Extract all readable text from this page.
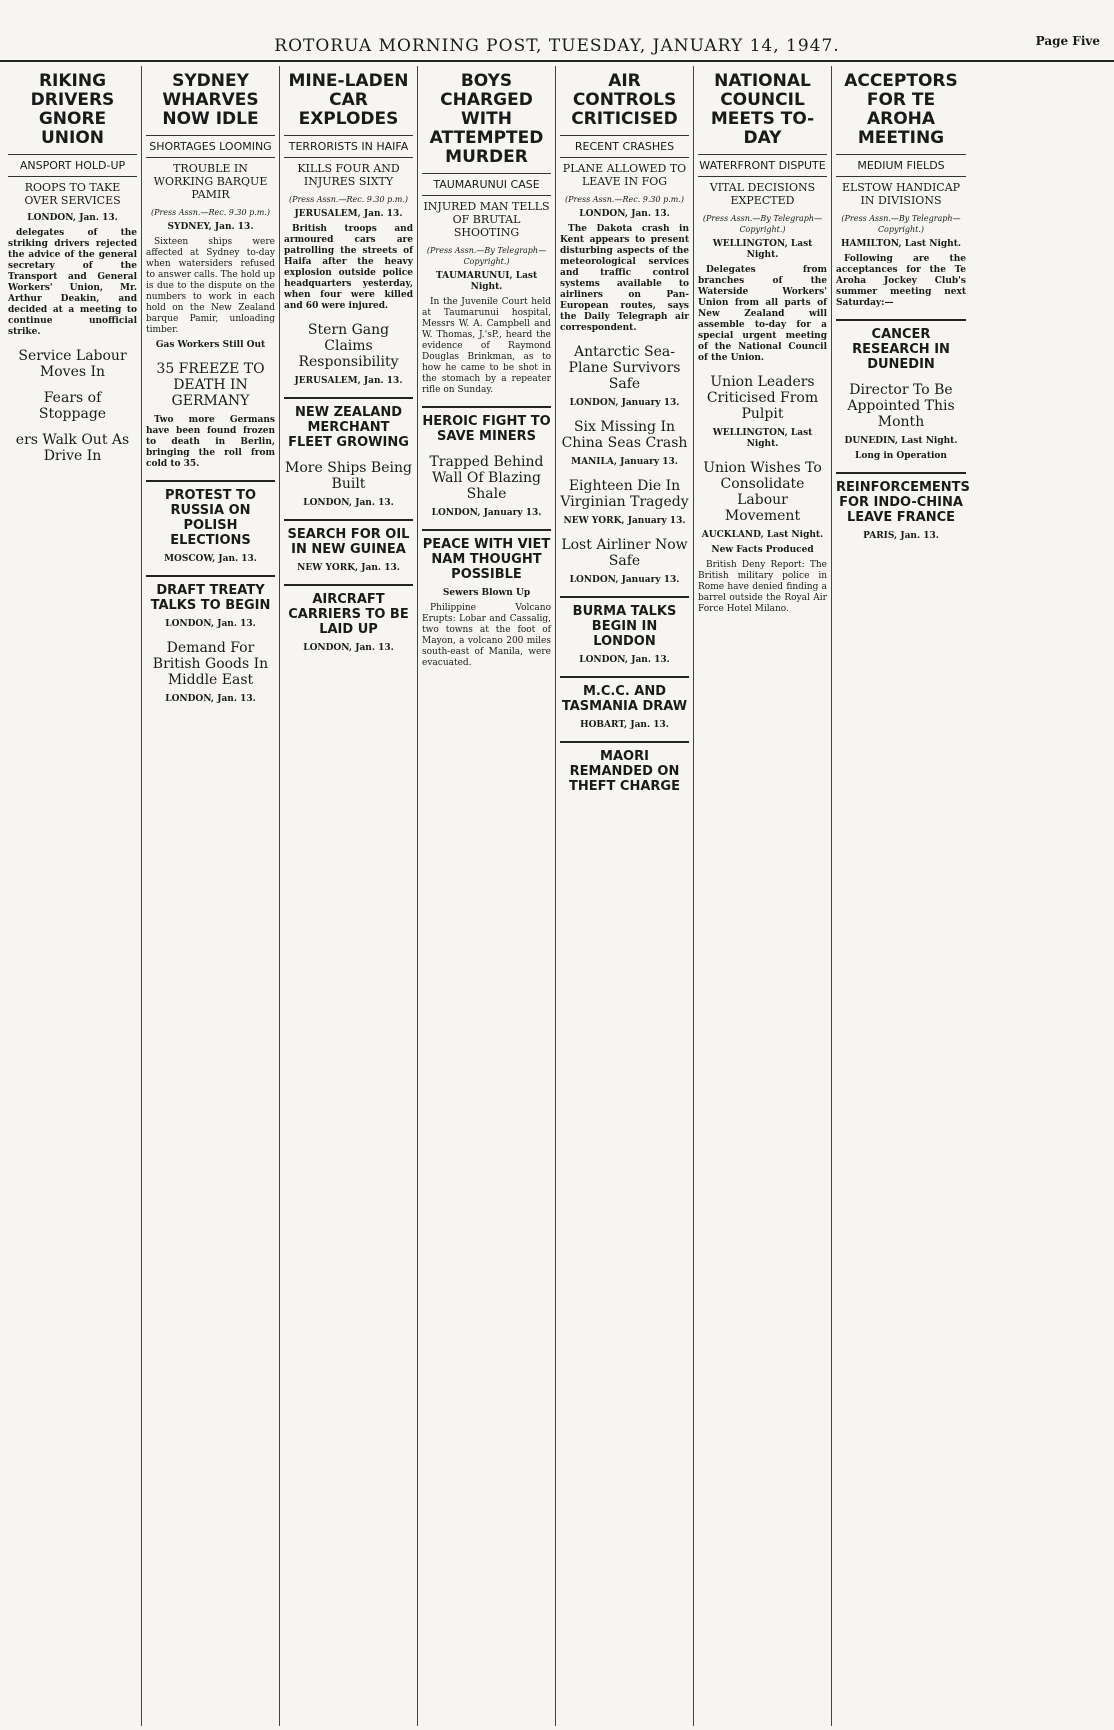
ROTORUA MORNING POST, TUESDAY, JANUARY 14, 1947.	Page Five
RIKING DRIVERS GNORE UNION
ANSPORT HOLD-UP
ROOPS TO TAKE OVER SERVICES
LONDON, Jan. 13.

delegates of the striking drivers rejected the advice of the general secretary of the Transport and General Workers' Union, Mr. Arthur Deakin, and decided at a meeting to continue unofficial strike.

Service Labour Moves In
Fears of Stoppage
ers Walk Out As Drive In
SYDNEY WHARVES NOW IDLE
SHORTAGES LOOMING
TROUBLE IN WORKING BARQUE PAMIR
(Press Assn.—Rec. 9.30 p.m.)
SYDNEY, Jan. 13.

Sixteen ships were affected at Sydney to-day when watersiders refused to answer calls. The hold up is due to the dispute on the numbers to work in each hold on the New Zealand barque Pamir, unloading timber.

Gas Workers Still Out
35 FREEZE TO DEATH IN GERMANY

Two more Germans have been found frozen to death in Berlin, bringing the roll from cold to 35.

PROTEST TO RUSSIA ON POLISH ELECTIONS
MOSCOW, Jan. 13.
DRAFT TREATY TALKS TO BEGIN
LONDON, Jan. 13.
Demand For British Goods In Middle East
LONDON, Jan. 13.
MINE-LADEN CAR EXPLODES
TERRORISTS IN HAIFA
KILLS FOUR AND INJURES SIXTY
(Press Assn.—Rec. 9.30 p.m.)
JERUSALEM, Jan. 13.

British troops and armoured cars are patrolling the streets of Haifa after the heavy explosion outside police headquarters yesterday, when four were killed and 60 were injured.

Stern Gang Claims Responsibility
JERUSALEM, Jan. 13.
NEW ZEALAND MERCHANT FLEET GROWING
More Ships Being Built
LONDON, Jan. 13.
SEARCH FOR OIL IN NEW GUINEA
NEW YORK, Jan. 13.
AIRCRAFT CARRIERS TO BE LAID UP
LONDON, Jan. 13.
BOYS CHARGED WITH ATTEMPTED MURDER
TAUMARUNUI CASE
INJURED MAN TELLS OF BRUTAL SHOOTING
(Press Assn.—By Telegraph—Copyright.)
TAUMARUNUI, Last Night.

In the Juvenile Court held at Taumarunui hospital, Messrs W. A. Campbell and W. Thomas, J.'sP., heard the evidence of Raymond Douglas Brinkman, as to how he came to be shot in the stomach by a repeater rifle on Sunday.

HEROIC FIGHT TO SAVE MINERS
Trapped Behind Wall Of Blazing Shale
LONDON, January 13.
PEACE WITH VIET NAM THOUGHT POSSIBLE
Sewers Blown Up

Philippine Volcano Erupts: Lobar and Cassalig, two towns at the foot of Mayon, a volcano 200 miles south-east of Manila, were evacuated.

AIR CONTROLS CRITICISED
RECENT CRASHES
PLANE ALLOWED TO LEAVE IN FOG
(Press Assn.—Rec. 9.30 p.m.)
LONDON, Jan. 13.

The Dakota crash in Kent appears to present disturbing aspects of the meteorological services and traffic control systems available to airliners on Pan-European routes, says the Daily Telegraph air correspondent.

Antarctic Sea-Plane Survivors Safe
LONDON, January 13.
Six Missing In China Seas Crash
MANILA, January 13.
Eighteen Die In Virginian Tragedy
NEW YORK, January 13.
Lost Airliner Now Safe
LONDON, January 13.
BURMA TALKS BEGIN IN LONDON
LONDON, Jan. 13.
M.C.C. AND TASMANIA DRAW
HOBART, Jan. 13.
MAORI REMANDED ON THEFT CHARGE
NATIONAL COUNCIL MEETS TO-DAY
WATERFRONT DISPUTE
VITAL DECISIONS EXPECTED
(Press Assn.—By Telegraph—Copyright.)
WELLINGTON, Last Night.

Delegates from branches of the Waterside Workers' Union from all parts of New Zealand will assemble to-day for a special urgent meeting of the National Council of the Union.

Union Leaders Criticised From Pulpit
WELLINGTON, Last Night.
Union Wishes To Consolidate Labour Movement
AUCKLAND, Last Night.
New Facts Produced

British Deny Report: The British military police in Rome have denied finding a barrel outside the Royal Air Force Hotel Milano.

ACCEPTORS FOR TE AROHA MEETING
MEDIUM FIELDS
ELSTOW HANDICAP IN DIVISIONS
(Press Assn.—By Telegraph—Copyright.)
HAMILTON, Last Night.

Following are the acceptances for the Te Aroha Jockey Club's summer meeting next Saturday:—

CANCER RESEARCH IN DUNEDIN
Director To Be Appointed This Month
DUNEDIN, Last Night.
Long in Operation
REINFORCEMENTS FOR INDO-CHINA LEAVE FRANCE
PARIS, Jan. 13.
